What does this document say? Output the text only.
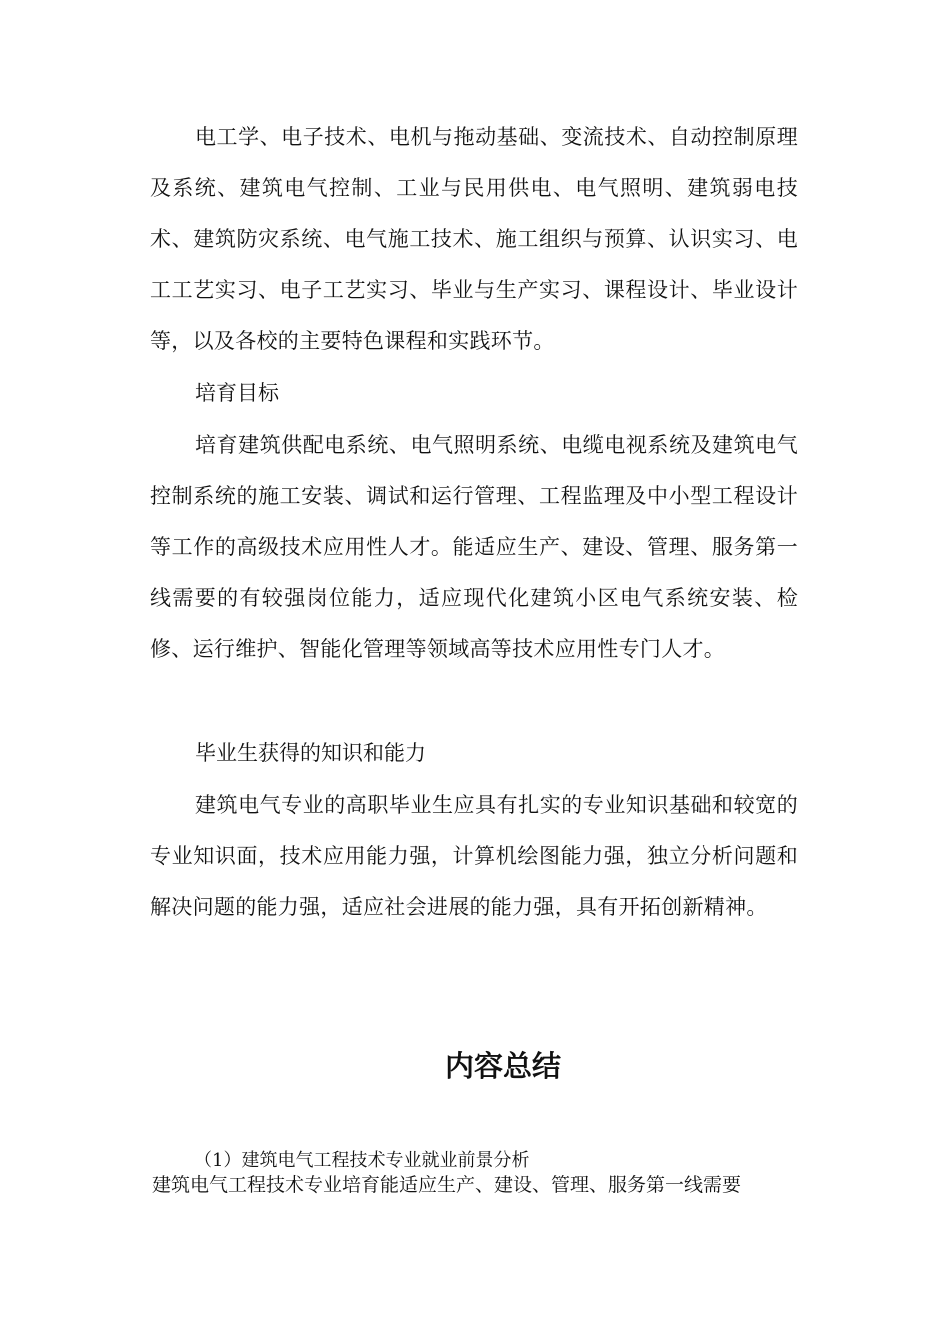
电工学、电子技术、电机与拖动基础、变流技术、自动控制原理及系统、建筑电气控制、工业与民用供电、电气照明、建筑弱电技术、建筑防灾系统、电气施工技术、施工组织与预算、认识实习、电工工艺实习、电子工艺实习、毕业与生产实习、课程设计、毕业设计等，以及各校的主要特色课程和实践环节。

培育目标

培育建筑供配电系统、电气照明系统、电缆电视系统及建筑电气控制系统的施工安装、调试和运行管理、工程监理及中小型工程设计等工作的高级技术应用性人才。能适应生产、建设、管理、服务第一线需要的有较强岗位能力，适应现代化建筑小区电气系统安装、检修、运行维护、智能化管理等领域高等技术应用性专门人才。

毕业生获得的知识和能力

建筑电气专业的高职毕业生应具有扎实的专业知识基础和较宽的专业知识面，技术应用能力强，计算机绘图能力强，独立分析问题和解决问题的能力强，适应社会进展的能力强，具有开拓创新精神。

内容总结

（1）建筑电气工程技术专业就业前景分析

建筑电气工程技术专业培育能适应生产、建设、管理、服务第一线需要
